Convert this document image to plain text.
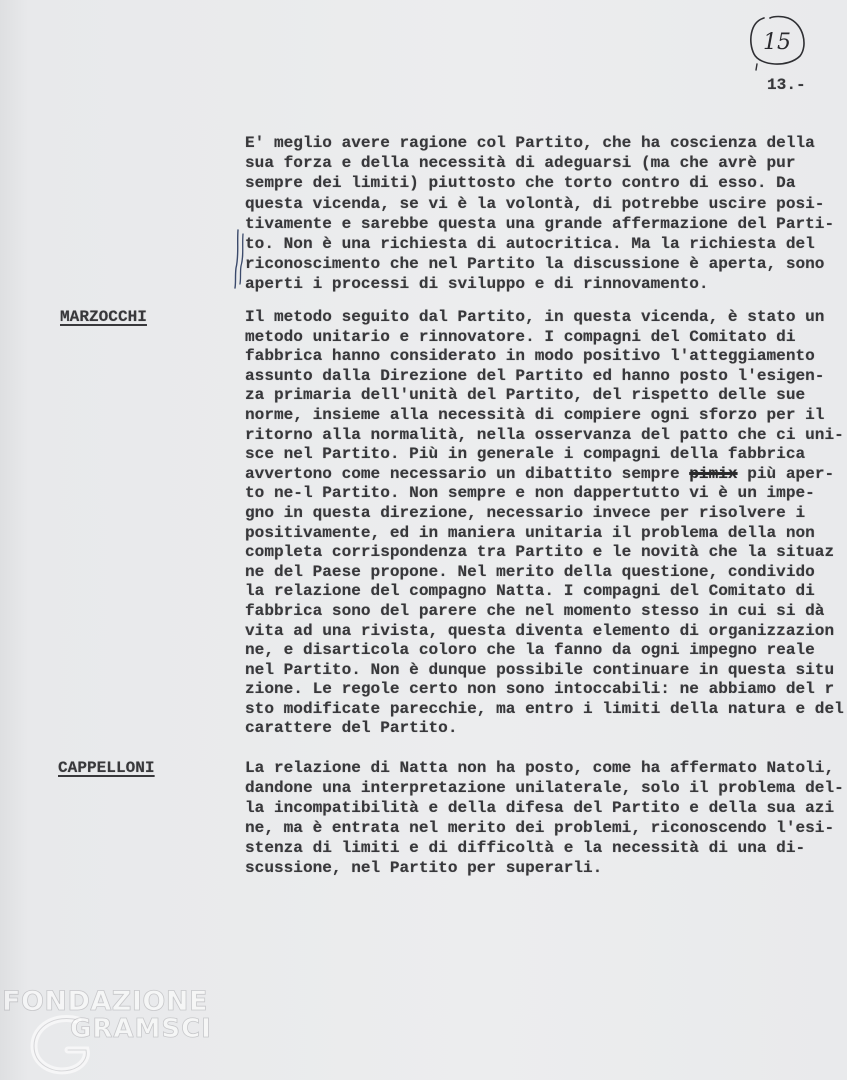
15
13.-
E' meglio avere ragione col Partito, che ha coscienza della
sua forza e della necessità di adeguarsi (ma che avrè pur
sempre dei limiti) piuttosto che torto contro di esso. Da
questa vicenda, se vi è la volontà, di potrebbe uscire posi-
tivamente e sarebbe questa una grande affermazione del Parti-
to. Non è una richiesta di autocritica. Ma la richiesta del
riconoscimento che nel Partito la discussione è aperta, sono
aperti i processi di sviluppo e di rinnovamento.
MARZOCCHI	Il metodo seguito dal Partito, in questa vicenda, è stato un
metodo unitario e rinnovatore. I compagni del Comitato di
fabbrica hanno considerato in modo positivo l'atteggiamento
assunto dalla Direzione del Partito ed hanno posto l'esigen-
za primaria dell'unità del Partito, del rispetto delle sue
norme, insieme alla necessità di compiere ogni sforzo per il
ritorno alla normalità, nella osservanza del patto che ci uni-
sce nel Partito. Più in generale i compagni della fabbrica
avvertono come necessario un dibattito sempre pimix più aper-
to ne-l Partito. Non sempre e non dappertutto vi è un impe-
gno in questa direzione, necessario invece per risolvere i
positivamente, ed in maniera unitaria il problema della non
completa corrispondenza tra Partito e le novità che la situaz
ne del Paese propone. Nel merito della questione, condivido
la relazione del compagno Natta. I compagni del Comitato di
fabbrica sono del parere che nel momento stesso in cui si dà
vita ad una rivista, questa diventa elemento di organizzazion
ne, e disarticola coloro che la fanno da ogni impegno reale
nel Partito. Non è dunque possibile continuare in questa situ
zione. Le regole certo non sono intoccabili: ne abbiamo del r
sto modificate parecchie, ma entro i limiti della natura e del
carattere del Partito.
CAPPELLONI	La relazione di Natta non ha posto, come ha affermato Natoli,
dandone una interpretazione unilaterale, solo il problema del-
la incompatibilità e della difesa del Partito e della sua azi
ne, ma è entrata nel merito dei problemi, riconoscendo l'esi-
stenza di limiti e di difficoltà e la necessità di una di-
scussione, nel Partito per superarli.
FONDAZIONE
GRAMSCI
